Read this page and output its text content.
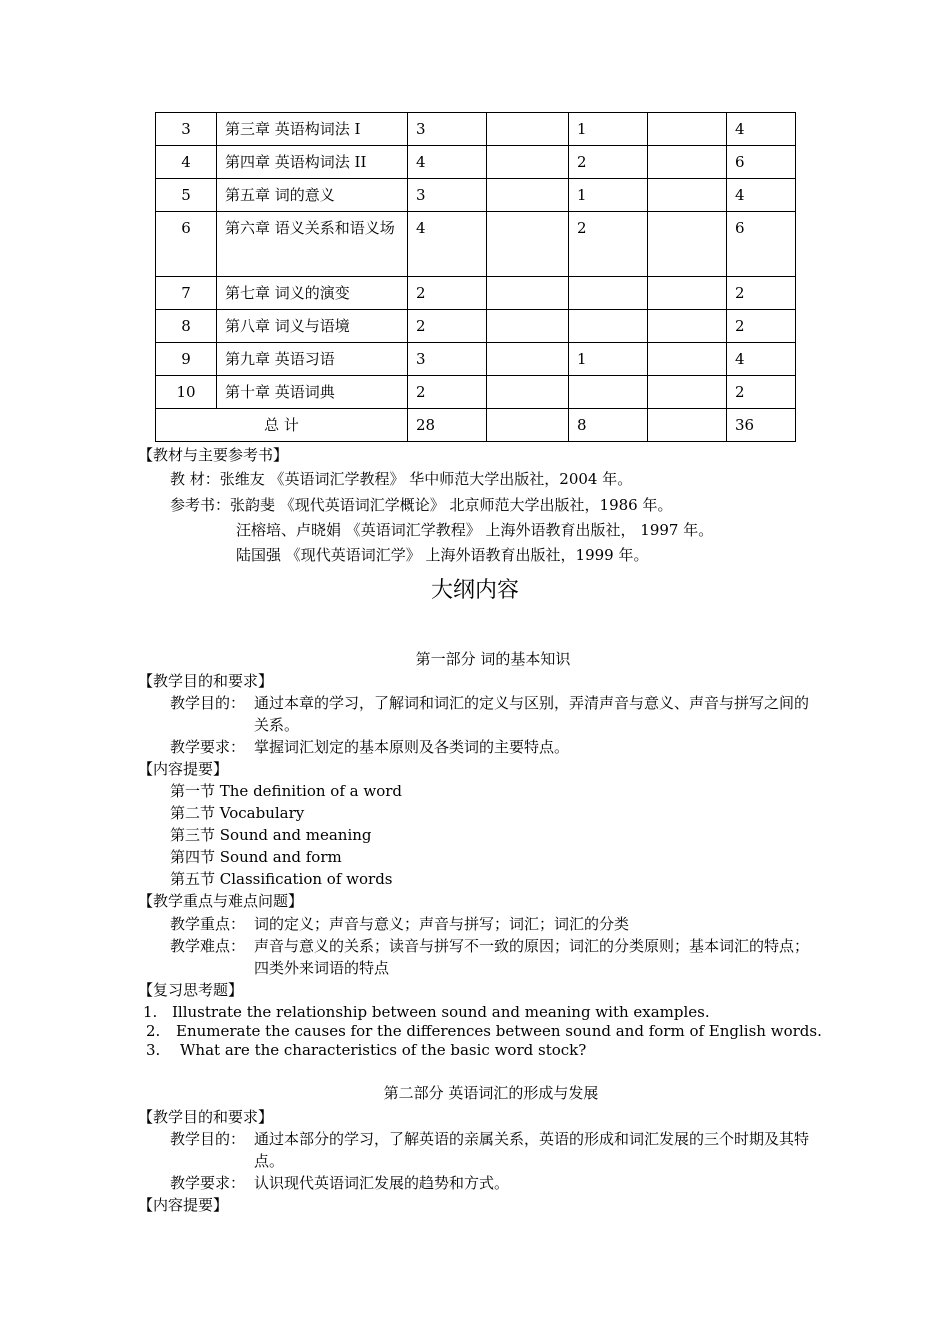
3	第三章 英语构词法 I	3		1		4
4	第四章 英语构词法 II	4		2		6
5	第五章 词的意义	3		1		4
6	第六章 语义关系和语义场	4		2		6
7	第七章 词义的演变	2				2
8	第八章 词义与语境	2				2
9	第九章 英语习语	3		1		4
10	第十章 英语词典	2				2
总 计		28		8		36
【教材与主要参考书】
教 材：张维友 《英语词汇学教程》 华中师范大学出版社，2004 年。
参考书：张韵斐 《现代英语词汇学概论》 北京师范大学出版社，1986 年。
汪榕培、卢晓娟 《英语词汇学教程》 上海外语教育出版社， 1997 年。
陆国强 《现代英语词汇学》 上海外语教育出版社，1999 年。
大纲内容
第一部分 词的基本知识
【教学目的和要求】
教学目的： 通过本章的学习，了解词和词汇的定义与区别，弄清声音与意义、声音与拼写之间的关系。
教学要求： 掌握词汇划定的基本原则及各类词的主要特点。
【内容提要】
第一节 The definition of a word
第二节 Vocabulary
第三节 Sound and meaning
第四节 Sound and form
第五节 Classification of words
【教学重点与难点问题】
教学重点： 词的定义；声音与意义；声音与拼写；词汇；词汇的分类
教学难点： 声音与意义的关系；读音与拼写不一致的原因；词汇的分类原则；基本词汇的特点；四类外来词语的特点
【复习思考题】
1. Illustrate the relationship between sound and meaning with examples.
2. Enumerate the causes for the differences between sound and form of English words.
3. What are the characteristics of the basic word stock?
第二部分 英语词汇的形成与发展
【教学目的和要求】
教学目的： 通过本部分的学习，了解英语的亲属关系，英语的形成和词汇发展的三个时期及其特点。
教学要求： 认识现代英语词汇发展的趋势和方式。
【内容提要】
